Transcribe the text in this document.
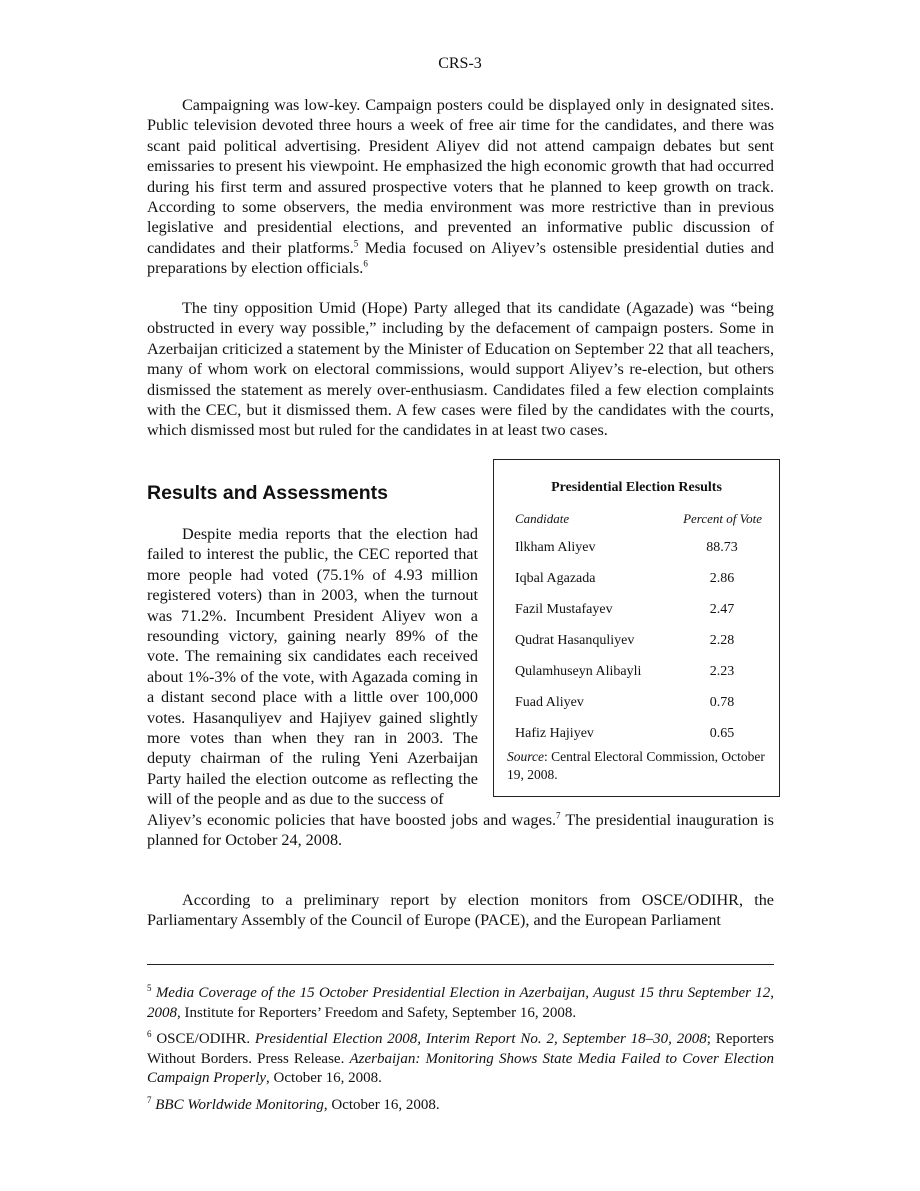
CRS-3

Campaigning was low-key. Campaign posters could be displayed only in designated sites. Public television devoted three hours a week of free air time for the candidates, and there was scant paid political advertising. President Aliyev did not attend campaign debates but sent emissaries to present his viewpoint. He emphasized the high economic growth that had occurred during his first term and assured prospective voters that he planned to keep growth on track. According to some observers, the media environment was more restrictive than in previous legislative and presidential elections, and prevented an informative public discussion of candidates and their platforms.$^5$ Media focused on Aliyev’s ostensible presidential duties and preparations by election officials.$^6$

The tiny opposition Umid (Hope) Party alleged that its candidate (Agazade) was “being obstructed in every way possible,” including by the defacement of campaign posters. Some in Azerbaijan criticized a statement by the Minister of Education on September 22 that all teachers, many of whom work on electoral commissions, would support Aliyev’s re-election, but others dismissed the statement as merely over-enthusiasm. Candidates filed a few election complaints with the CEC, but it dismissed them. A few cases were filed by the candidates with the courts, which dismissed most but ruled for the candidates in at least two cases.

Results and Assessments

Despite media reports that the election had failed to interest the public, the CEC reported that more people had voted (75.1% of 4.93 million registered voters) than in 2003, when the turnout was 71.2%. Incumbent President Aliyev won a resounding victory, gaining nearly 89% of the vote. The remaining six candidates each received about 1%-3% of the vote, with Agazada coming in a distant second place with a little over 100,000 votes. Hasanquliyev and Hajiyev gained slightly more votes than when they ran in 2003. The deputy chairman of the ruling Yeni Azerbaijan Party hailed the election outcome as reflecting the will of the people and as due to the success of

Aliyev’s economic policies that have boosted jobs and wages.$^7$ The presidential inauguration is planned for October 24, 2008.

Presidential Election Results
Candidate	Percent of Vote
Ilkham Aliyev	88.73
Iqbal Agazada	2.86
Fazil Mustafayev	2.47
Qudrat Hasanquliyev	2.28
Qulamhuseyn Alibayli	2.23
Fuad Aliyev	0.78
Hafiz Hajiyev	0.65
Source: Central Electoral Commission, October 19, 2008.

According to a preliminary report by election monitors from OSCE/ODIHR, the Parliamentary Assembly of the Council of Europe (PACE), and the European Parliament

$^5$ Media Coverage of the 15 October Presidential Election in Azerbaijan, August 15 thru September 12, 2008, Institute for Reporters’ Freedom and Safety, September 16, 2008.

$^6$ OSCE/ODIHR. Presidential Election 2008, Interim Report No. 2, September 18–30, 2008; Reporters Without Borders. Press Release. Azerbaijan: Monitoring Shows State Media Failed to Cover Election Campaign Properly, October 16, 2008.

$^7$ BBC Worldwide Monitoring, October 16, 2008.
